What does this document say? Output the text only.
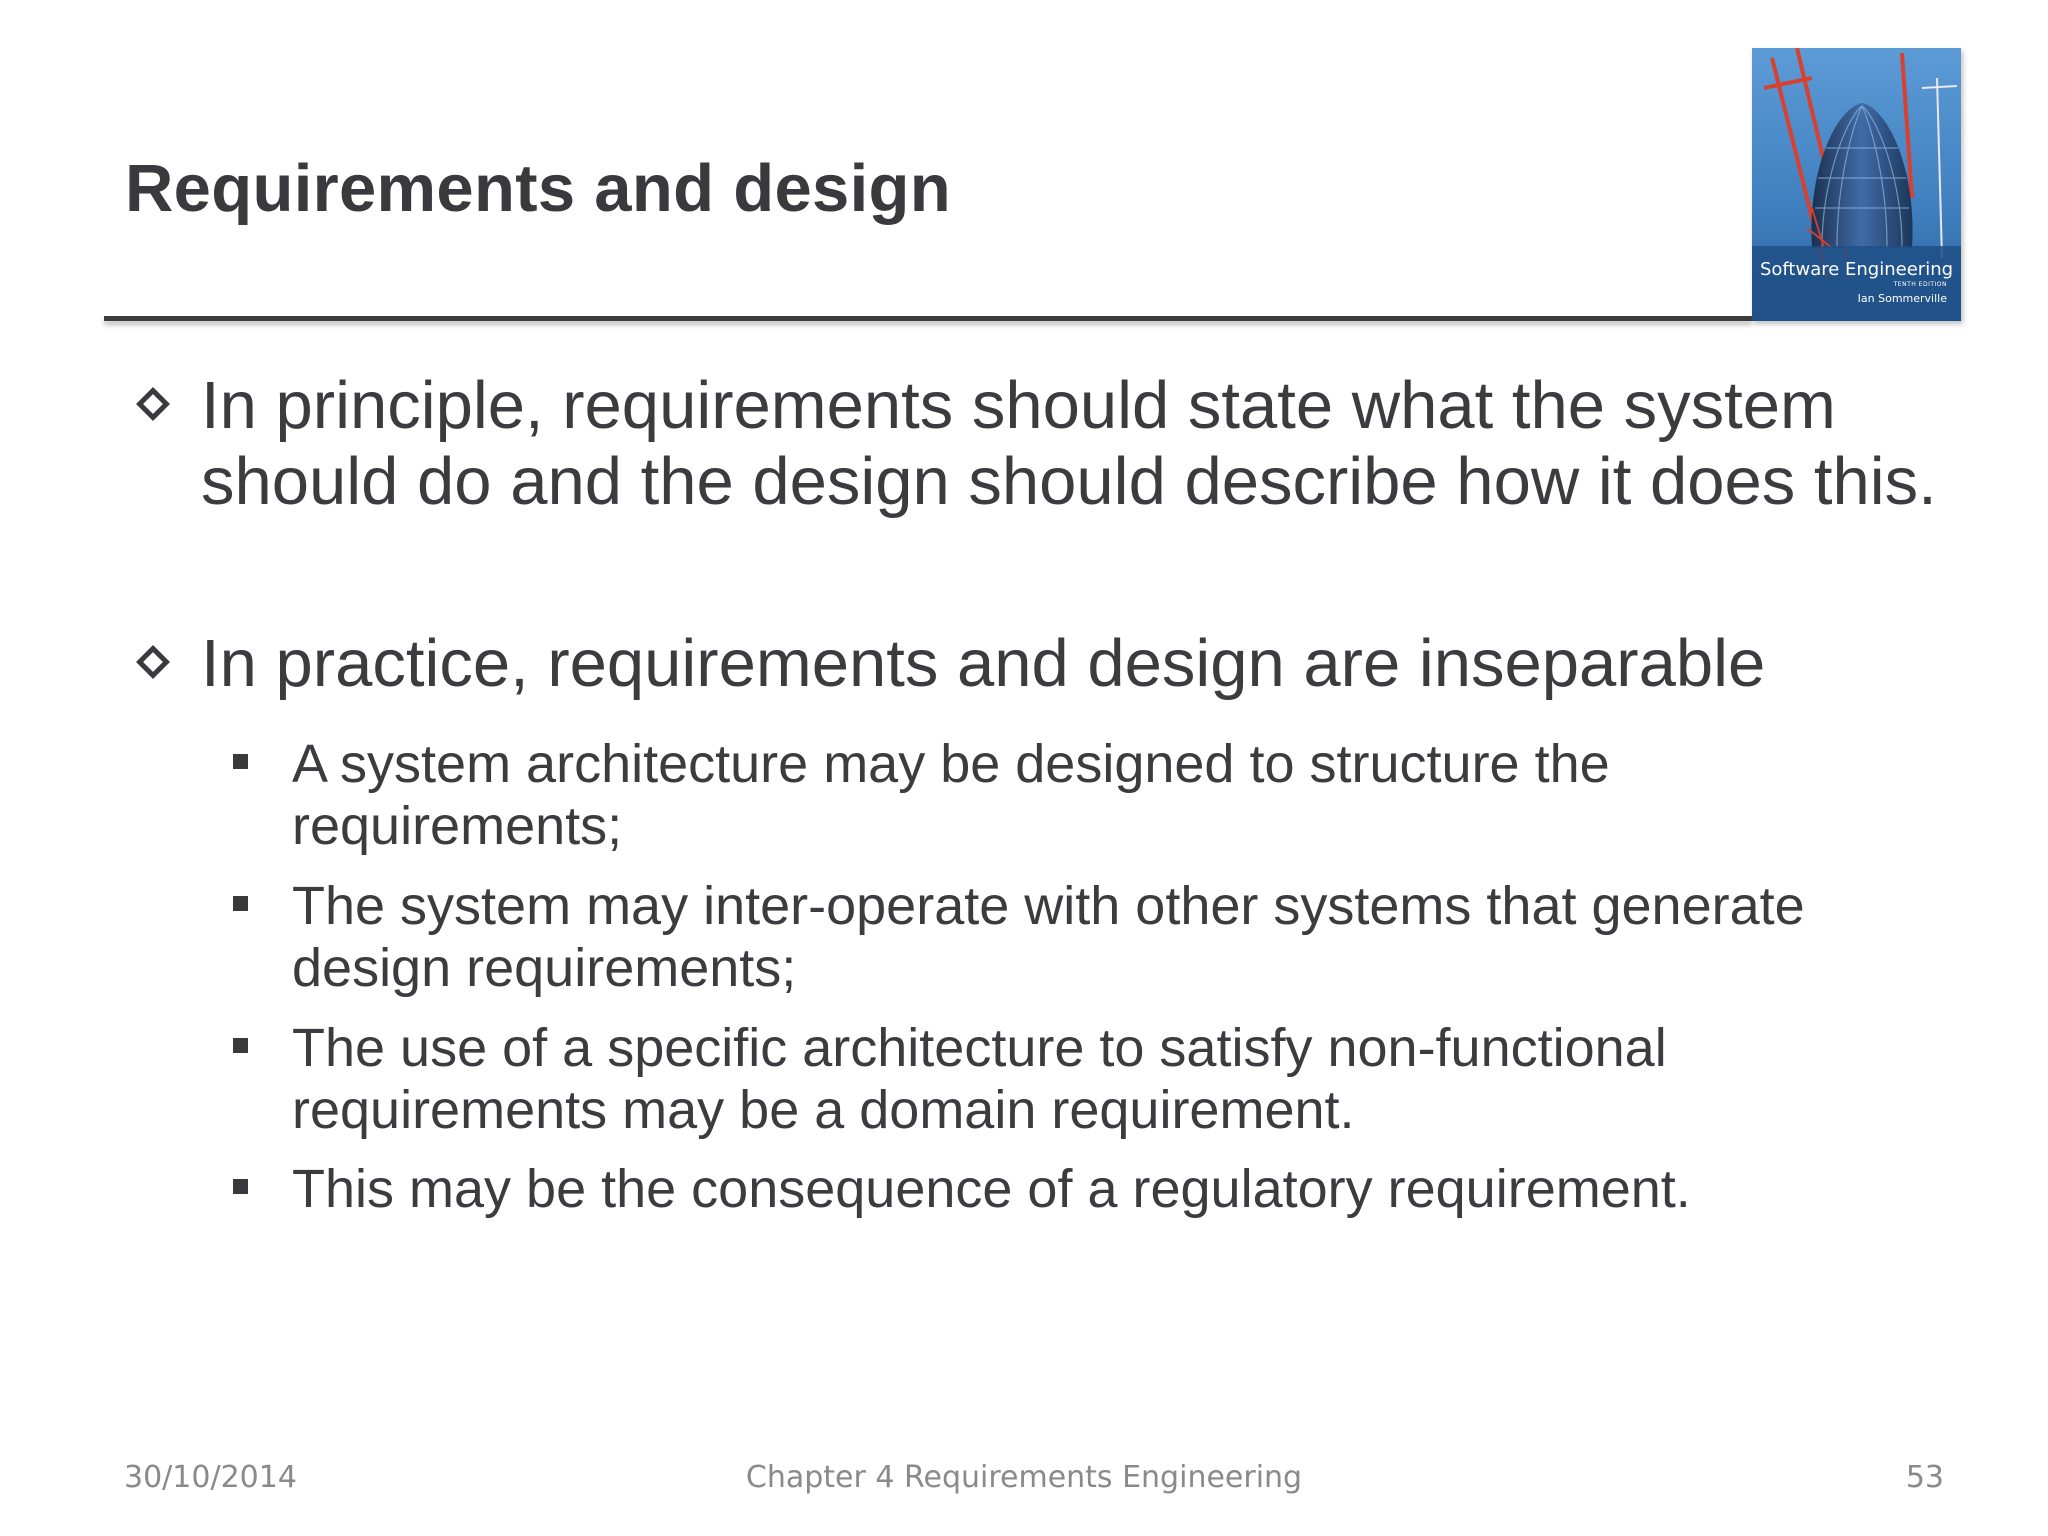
Requirements and design
Software Engineering
TENTH EDITION
Ian Sommerville
In principle, requirements should state what the system should do and the design should describe how it does this.
In practice, requirements and design are inseparable
A system architecture may be designed to structure the requirements;
The system may inter-operate with other systems that generate design requirements;
The use of a specific architecture to satisfy non-functional requirements may be a domain requirement.
This may be the consequence of a regulatory requirement.
Chapter 4 Requirements Engineering
30/10/2014	53
